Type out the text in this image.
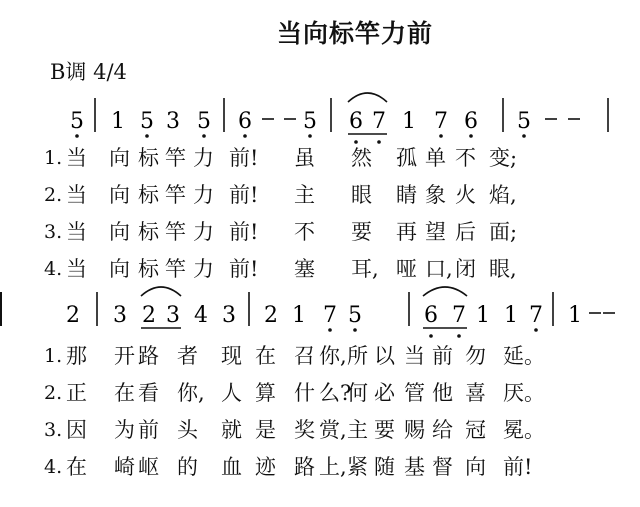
当向标竿力前
B调 4/4
5 1 5 3 5 6 5 6 7 1 7 6 5
2 3 2 3 4 3 2 1 7 5	6 7 1 1 7 1
1. 当 向 标 竿 力 前! 虽 然 孤 单 不 变;
2. 当 向 标 竿 力 前! 主 眼 睛 象 火 焰,
3. 当 向 标 竿 力 前! 不 要 再 望 后 面;
4. 当 向 标 竿 力 前! 塞 耳, 哑 口, 闭 眼,
1. 那 开 路 者 现 在 召 你, 所 以 当 前 勿 延。
2. 正 在 看 你, 人 算 什 么?
何 必 管 他 喜 厌。
3. 因 为 前 头 就 是 奖 赏, 主 要 赐 给 冠 冕。
4. 在 崎 岖 的 血 迹 路 上, 紧 随 基 督 向 前!
